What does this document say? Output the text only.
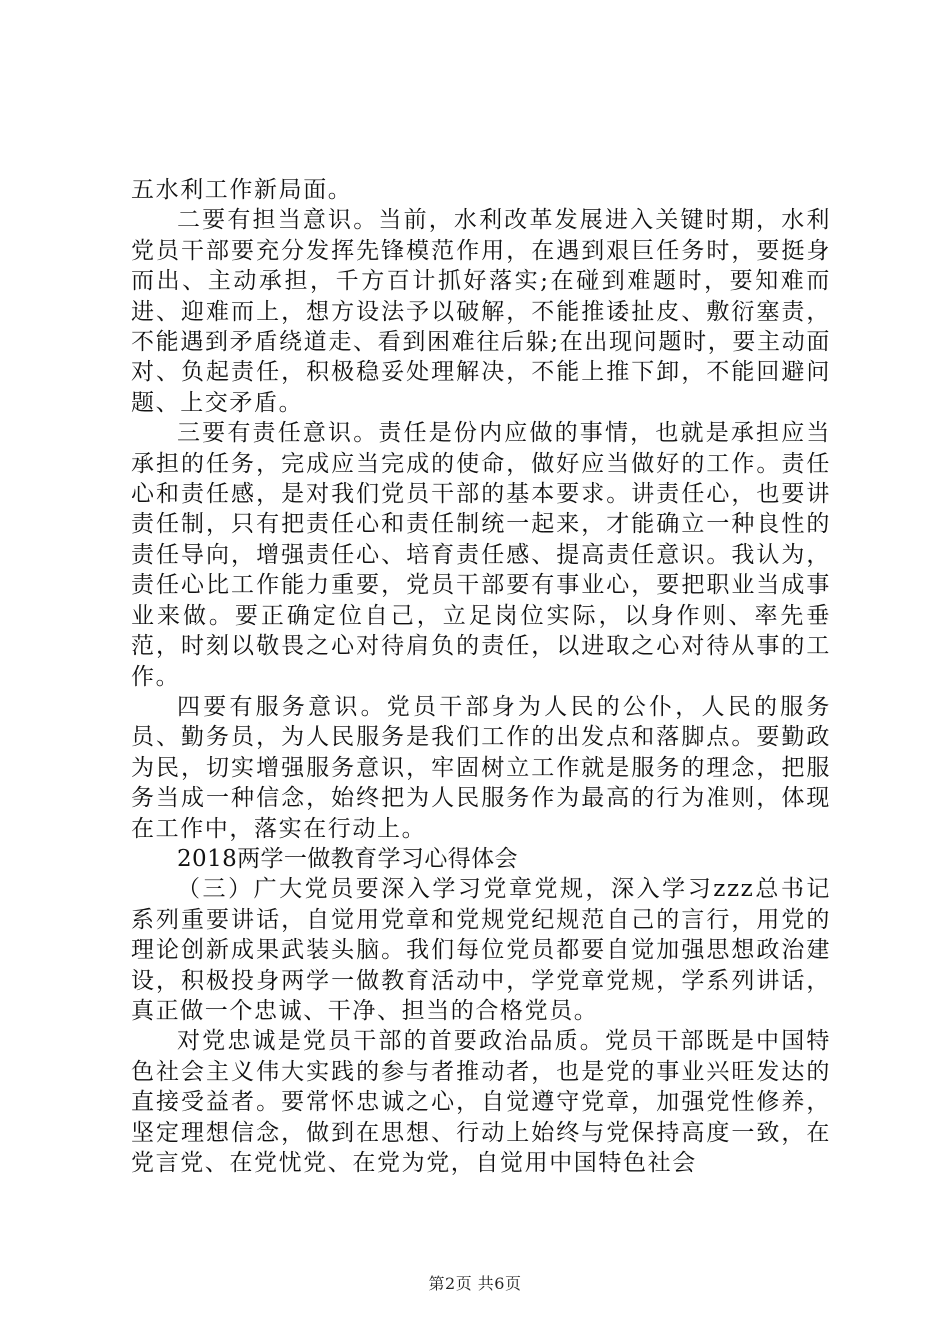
五水利工作新局面。

二要有担当意识。当前，水利改革发展进入关键时期，水利党员干部要充分发挥先锋模范作用，在遇到艰巨任务时，要挺身而出、主动承担，千方百计抓好落实;在碰到难题时，要知难而进、迎难而上，想方设法予以破解，不能推诿扯皮、敷衍塞责，不能遇到矛盾绕道走、看到困难往后躲;在出现问题时，要主动面对、负起责任，积极稳妥处理解决，不能上推下卸，不能回避问题、上交矛盾。

三要有责任意识。责任是份内应做的事情，也就是承担应当承担的任务，完成应当完成的使命，做好应当做好的工作。责任心和责任感，是对我们党员干部的基本要求。讲责任心，也要讲责任制，只有把责任心和责任制统一起来，才能确立一种良性的责任导向，增强责任心、培育责任感、提高责任意识。我认为，责任心比工作能力重要，党员干部要有事业心，要把职业当成事业来做。要正确定位自己，立足岗位实际，以身作则、率先垂范，时刻以敬畏之心对待肩负的责任，以进取之心对待从事的工作。

四要有服务意识。党员干部身为人民的公仆，人民的服务员、勤务员，为人民服务是我们工作的出发点和落脚点。要勤政为民，切实增强服务意识，牢固树立工作就是服务的理念，把服务当成一种信念，始终把为人民服务作为最高的行为准则，体现在工作中，落实在行动上。

2018两学一做教育学习心得体会

（三）广大党员要深入学习党章党规，深入学习zzz总书记系列重要讲话，自觉用党章和党规党纪规范自己的言行，用党的理论创新成果武装头脑。我们每位党员都要自觉加强思想政治建设，积极投身两学一做教育活动中，学党章党规，学系列讲话，真正做一个忠诚、干净、担当的合格党员。

对党忠诚是党员干部的首要政治品质。党员干部既是中国特色社会主义伟大实践的参与者推动者，也是党的事业兴旺发达的直接受益者。要常怀忠诚之心，自觉遵守党章，加强党性修养，坚定理想信念，做到在思想、行动上始终与党保持高度一致，在党言党、在党忧党、在党为党，自觉用中国特色社会

第2页 共6页
